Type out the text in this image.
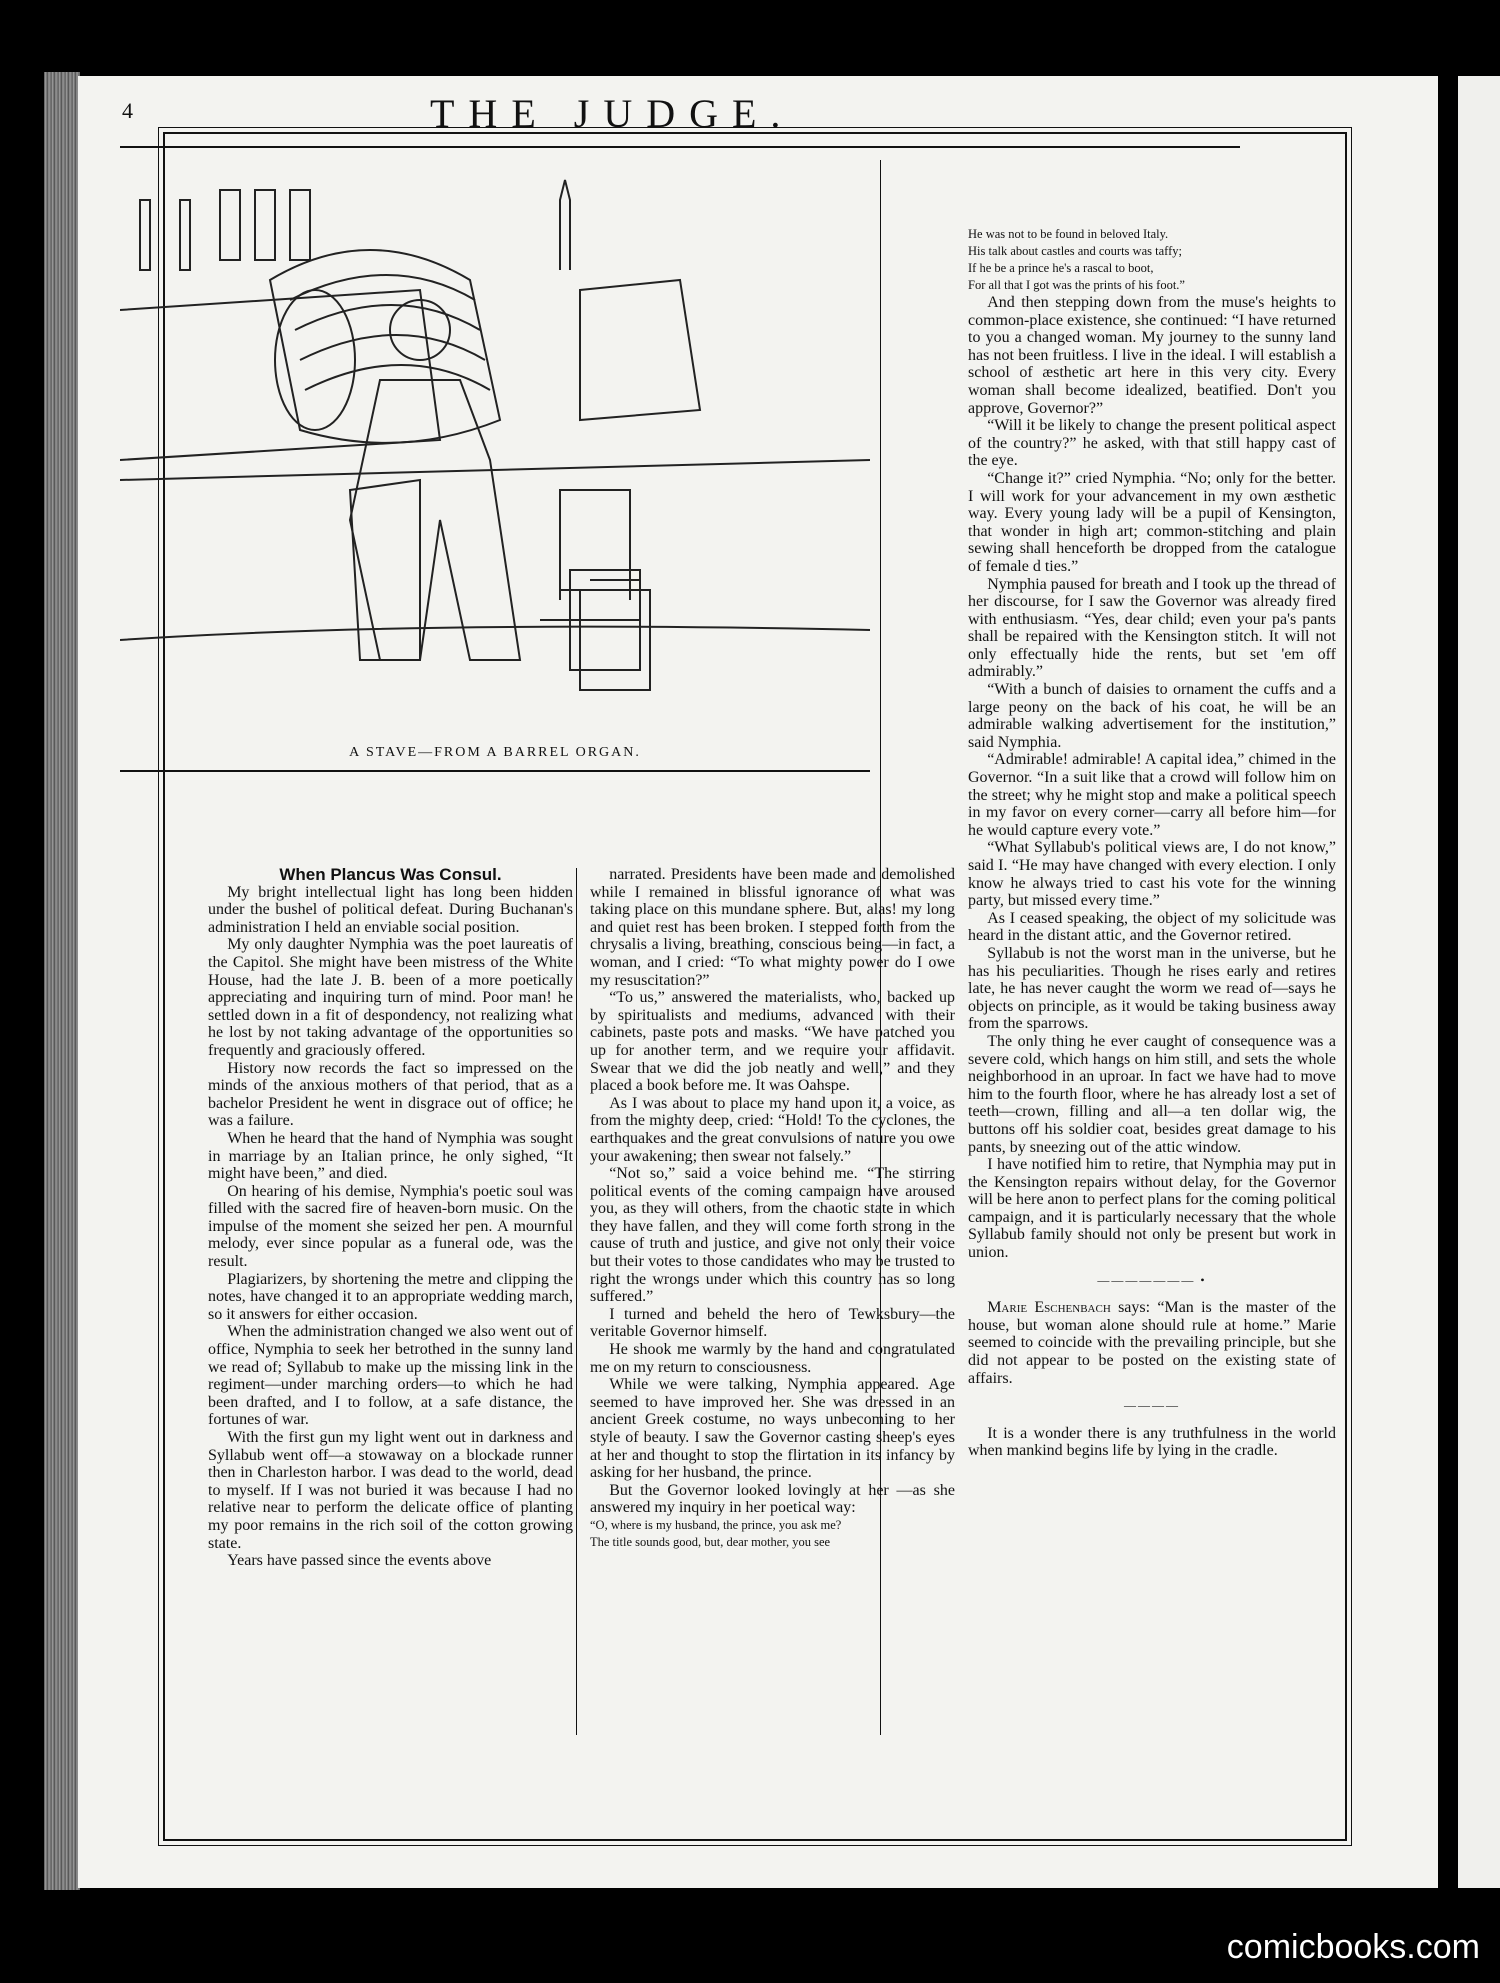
4	THE JUDGE.
A STAVE—FROM A BARREL ORGAN.

When Plancus Was Consul.

My bright intellectual light has long been hidden under the bushel of political defeat. During Buchanan's administration I held an enviable social position.

My only daughter Nymphia was the poet laureatis of the Capitol. She might have been mistress of the White House, had the late J. B. been of a more poetically appreciating and inquiring turn of mind. Poor man! he settled down in a fit of despondency, not realizing what he lost by not taking advantage of the opportunities so frequently and graciously offered.

History now records the fact so impressed on the minds of the anxious mothers of that period, that as a bachelor President he went in disgrace out of office; he was a failure.

When he heard that the hand of Nymphia was sought in marriage by an Italian prince, he only sighed, “It might have been,” and died.

On hearing of his demise, Nymphia's poetic soul was filled with the sacred fire of heaven-born music. On the impulse of the moment she seized her pen. A mournful melody, ever since popular as a funeral ode, was the result.

Plagiarizers, by shortening the metre and clipping the notes, have changed it to an appropriate wedding march, so it answers for either occasion.

When the administration changed we also went out of office, Nymphia to seek her betrothed in the sunny land we read of; Syllabub to make up the missing link in the regiment—under marching orders—to which he had been drafted, and I to follow, at a safe distance, the fortunes of war.

With the first gun my light went out in darkness and Syllabub went off—a stowaway on a blockade runner then in Charleston harbor. I was dead to the world, dead to myself. If I was not buried it was because I had no relative near to perform the delicate office of planting my poor remains in the rich soil of the cotton growing state.

Years have passed since the events above

narrated. Presidents have been made and demolished while I remained in blissful ignorance of what was taking place on this mundane sphere. But, alas! my long and quiet rest has been broken. I stepped forth from the chrysalis a living, breathing, conscious being—in fact, a woman, and I cried: “To what mighty power do I owe my resuscitation?”

“To us,” answered the materialists, who, backed up by spiritualists and mediums, advanced with their cabinets, paste pots and masks. “We have patched you up for another term, and we require your affidavit. Swear that we did the job neatly and well,” and they placed a book before me. It was Oahspe.

As I was about to place my hand upon it, a voice, as from the mighty deep, cried: “Hold! To the cyclones, the earthquakes and the great convulsions of nature you owe your awakening; then swear not falsely.”

“Not so,” said a voice behind me. “The stirring political events of the coming campaign have aroused you, as they will others, from the chaotic state in which they have fallen, and they will come forth strong in the cause of truth and justice, and give not only their voice but their votes to those candidates who may be trusted to right the wrongs under which this country has so long suffered.”

I turned and beheld the hero of Tewksbury—the veritable Governor himself.

He shook me warmly by the hand and congratulated me on my return to consciousness.

While we were talking, Nymphia appeared. Age seemed to have improved her. She was dressed in an ancient Greek costume, no ways unbecoming to her style of beauty. I saw the Governor casting sheep's eyes at her and thought to stop the flirtation in its infancy by asking for her husband, the prince.

But the Governor looked lovingly at her —as she answered my inquiry in her poetical way:

“O, where is my husband, the prince, you ask me?

The title sounds good, but, dear mother, you see

He was not to be found in beloved Italy.

His talk about castles and courts was taffy;

If he be a prince he's a rascal to boot,

For all that I got was the prints of his foot.”

And then stepping down from the muse's heights to common-place existence, she continued: “I have returned to you a changed woman. My journey to the sunny land has not been fruitless. I live in the ideal. I will establish a school of æsthetic art here in this very city. Every woman shall become idealized, beatified. Don't you approve, Governor?”

“Will it be likely to change the present political aspect of the country?” he asked, with that still happy cast of the eye.

“Change it?” cried Nymphia. “No; only for the better. I will work for your advancement in my own æsthetic way. Every young lady will be a pupil of Kensington, that wonder in high art; common-stitching and plain sewing shall henceforth be dropped from the catalogue of female d ties.”

Nymphia paused for breath and I took up the thread of her discourse, for I saw the Governor was already fired with enthusiasm. “Yes, dear child; even your pa's pants shall be repaired with the Kensington stitch. It will not only effectually hide the rents, but set 'em off admirably.”

“With a bunch of daisies to ornament the cuffs and a large peony on the back of his coat, he will be an admirable walking advertisement for the institution,” said Nymphia.

“Admirable! admirable! A capital idea,” chimed in the Governor. “In a suit like that a crowd will follow him on the street; why he might stop and make a political speech in my favor on every corner—carry all before him—for he would capture every vote.”

“What Syllabub's political views are, I do not know,” said I. “He may have changed with every election. I only know he always tried to cast his vote for the winning party, but missed every time.”

As I ceased speaking, the object of my solicitude was heard in the distant attic, and the Governor retired.

Syllabub is not the worst man in the universe, but he has his peculiarities. Though he rises early and retires late, he has never caught the worm we read of—says he objects on principle, as it would be taking business away from the sparrows.

The only thing he ever caught of consequence was a severe cold, which hangs on him still, and sets the whole neighborhood in an uproar. In fact we have had to move him to the fourth floor, where he has already lost a set of teeth—crown, filling and all—a ten dollar wig, the buttons off his soldier coat, besides great damage to his pants, by sneezing out of the attic window.

I have notified him to retire, that Nymphia may put in the Kensington repairs without delay, for the Governor will be here anon to perfect plans for the coming political campaign, and it is particularly necessary that the whole Syllabub family should not only be present but work in union.

——————— •

Marie Eschenbach says: “Man is the master of the house, but woman alone should rule at home.” Marie seemed to coincide with the prevailing principle, but she did not appear to be posted on the existing state of affairs.

————

It is a wonder there is any truthfulness in the world when mankind begins life by lying in the cradle.

comicbooks.com
